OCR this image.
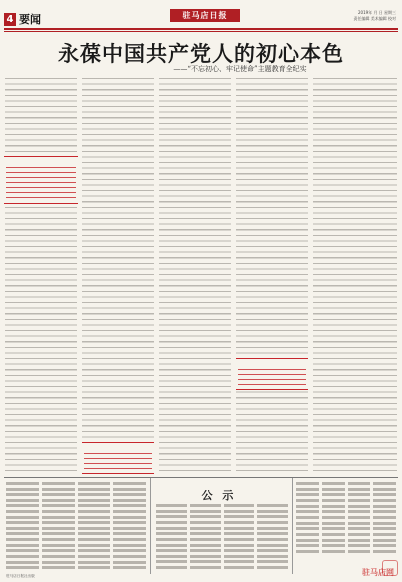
4 要闻	驻马店日报	2019年 月 日 星期三
责任编辑 美术编辑 校对
永葆中国共产党人的初心本色
——“不忘初心、牢记使命”主题教育全纪实
公 示
驻马店日报社出版	驻马店网
